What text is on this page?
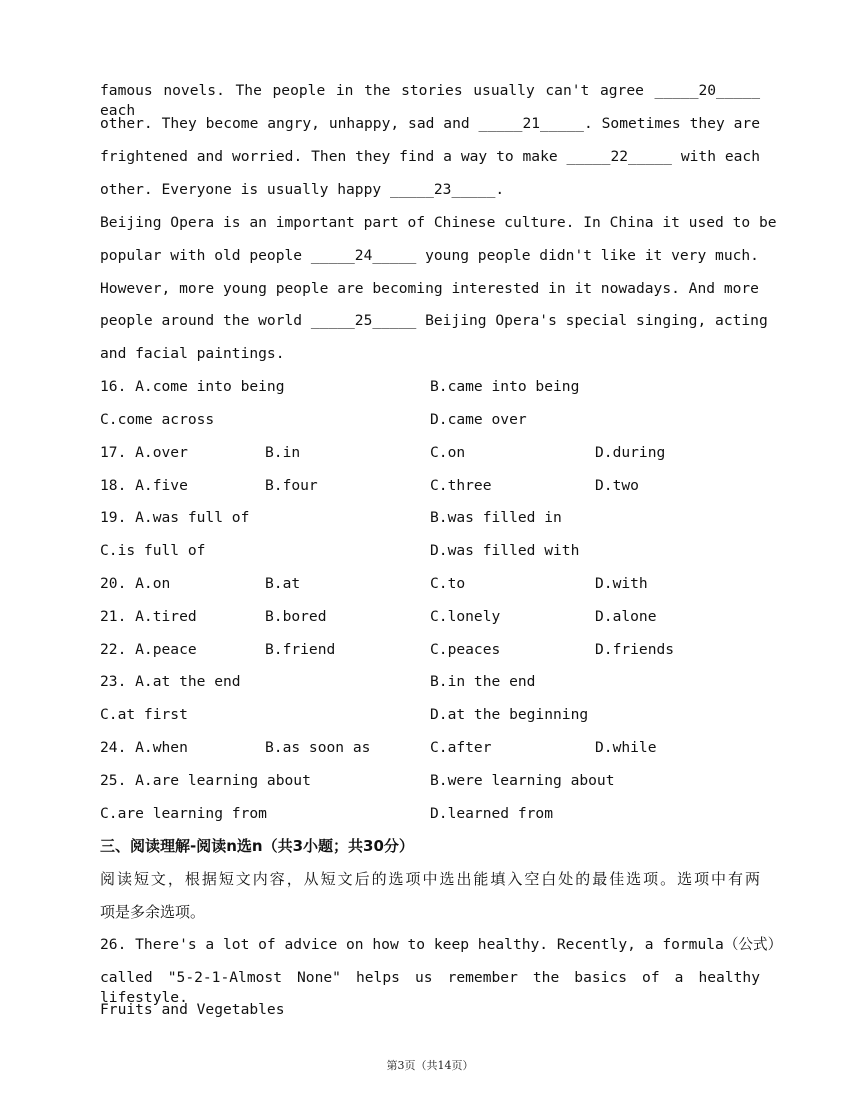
famous novels. The people in the stories usually can't agree _____20_____ each
other. They become angry, unhappy, sad and _____21_____. Sometimes they are
frightened and worried. Then they find a way to make _____22_____ with each
other. Everyone is usually happy _____23_____.
Beijing Opera is an important part of Chinese culture. In China it used to be
popular with old people _____24_____ young people didn't like it very much.
However, more young people are becoming interested in it nowadays. And more
people around the world _____25_____ Beijing Opera's special singing, acting
and facial paintings.
16. A.come into being	B.came into being
C.come across	D.came over
17. A.over	B.in	C.on	D.during
18. A.five	B.four	C.three	D.two
19. A.was full of	B.was filled in
C.is full of	D.was filled with
20. A.on	B.at	C.to	D.with
21. A.tired	B.bored	C.lonely	D.alone
22. A.peace	B.friend	C.peaces	D.friends
23. A.at the end	B.in the end
C.at first	D.at the beginning
24. A.when	B.as soon as	C.after	D.while
25. A.are learning about	B.were learning about
C.are learning from	D.learned from
三、阅读理解-阅读n选n（共3小题；共30分）
阅读短文，根据短文内容，从短文后的选项中选出能填入空白处的最佳选项。选项中有两
项是多余选项。
26. There's a lot of advice on how to keep healthy. Recently, a formula（公式）
called "5-2-1-Almost None" helps us remember the basics of a healthy lifestyle.
Fruits and Vegetables
第3页（共14页）
